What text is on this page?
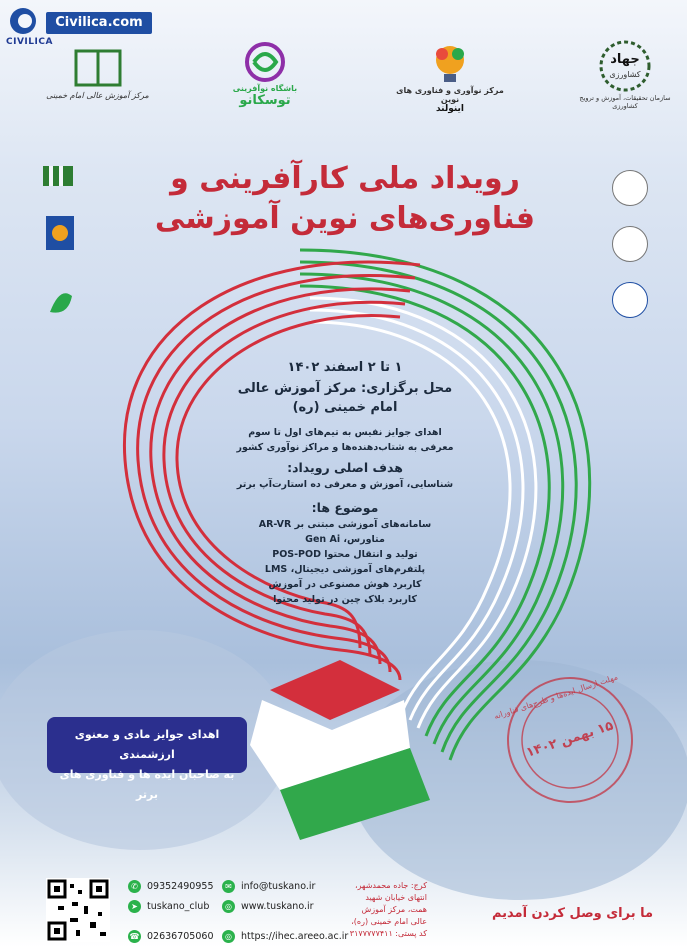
CIVILICA
Civilica.com
مرکز آموزش عالی امام خمینی
باشگاه نوآفرینی
توسکانو
مرکز نوآوری و فناوری های نوین
اینولند
جهاد
کشاورزی
سازمان تحقیقات، آموزش و ترویج کشاورزی
رویداد ملی کارآفرینی و
فناوری‌های نوین آموزشی
۱ تا ۲ اسفند ۱۴۰۲
محل برگزاری: مرکز آموزش عالی
امام خمینی (ره)
اهدای جوایز نفیس به تیم‌های اول تا سوم
معرفی به شتاب‌دهنده‌ها و مراکز نوآوری کشور
هدف اصلی رویداد:
شناسایی، آموزش و معرفی ده استارت‌آپ برتر
موضوع ها:
سامانه‌های آموزشی مبتنی بر AR-VR
متاورس، Gen Ai
تولید و انتقال محتوا POS-POD
پلتفرم‌های آموزشی دیجیتال، LMS
کاربرد هوش مصنوعی در آموزش
کاربرد بلاک چین در تولید محتوا
اهدای جوایز مادی و معنوی ارزشمندی
به صاحبان ایده ها و فناوری های برتر
مهلت ارسال ایده‌ها و طرح‌های فناورانه
۱۵ بهمن ۱۴۰۲
✆ 09352490955
➤ tuskano_club
☎ 02636705060
✉ info@tuskano.ir
◎ www.tuskano.ir
◎ https://ihec.areeo.ac.ir
کرج: جاده محمدشهر،
انتهای خیابان شهید
همت، مرکز آموزش
عالی امام خمینی (ره)،
کد پستی: ۳۱۷۷۷۷۷۴۱۱
ما برای وصل کردن آمدیم
